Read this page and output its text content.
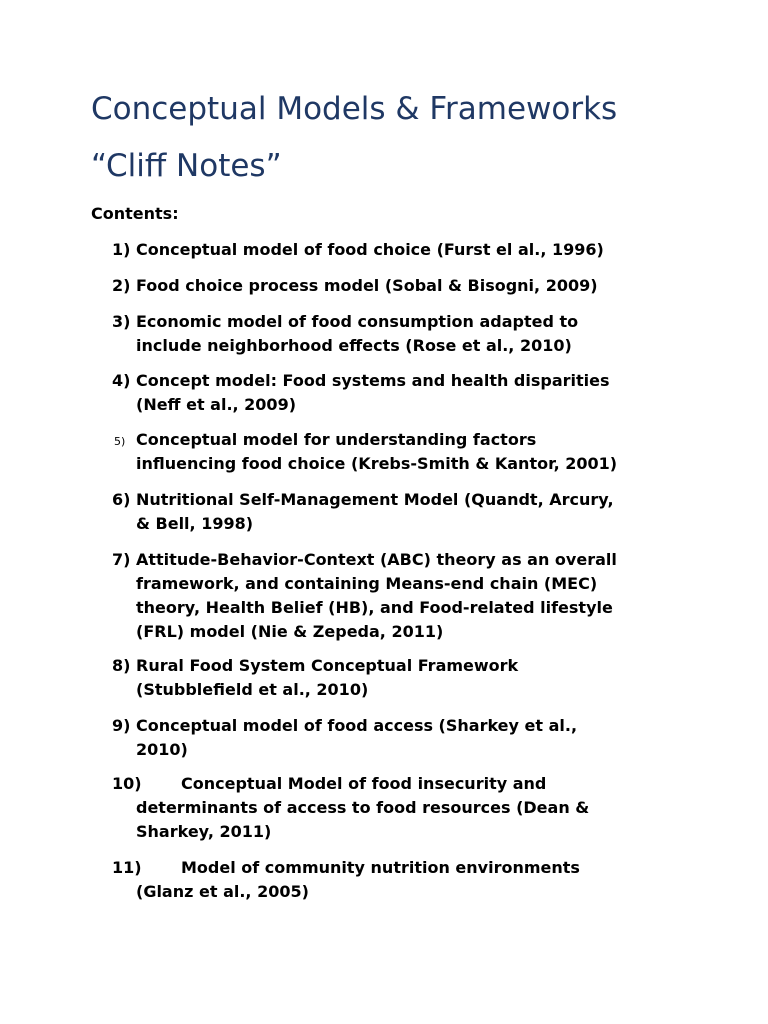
Conceptual Models & Frameworks
“Cliff Notes”
Contents:
1) Conceptual model of food choice (Furst el al., 1996)

2) Food choice process model (Sobal & Bisogni, 2009)

3) Economic model of food consumption adapted to
include neighborhood effects (Rose et al., 2010)

4) Concept model: Food systems and health disparities
(Neff et al., 2009)

5) Conceptual model for understanding factors
influencing food choice (Krebs-Smith & Kantor, 2001)

6) Nutritional Self-Management Model (Quandt, Arcury,
& Bell, 1998)

7) Attitude-Behavior-Context (ABC) theory as an overall
framework, and containing Means-end chain (MEC)
theory, Health Belief (HB), and Food-related lifestyle
(FRL) model (Nie & Zepeda, 2011)

8) Rural Food System Conceptual Framework
(Stubblefield et al., 2010)

9) Conceptual model of food access (Sharkey et al.,
2010)

10)	Conceptual Model of food insecurity and
determinants of access to food resources (Dean &
Sharkey, 2011)

11)	Model of community nutrition environments
(Glanz et al., 2005)
